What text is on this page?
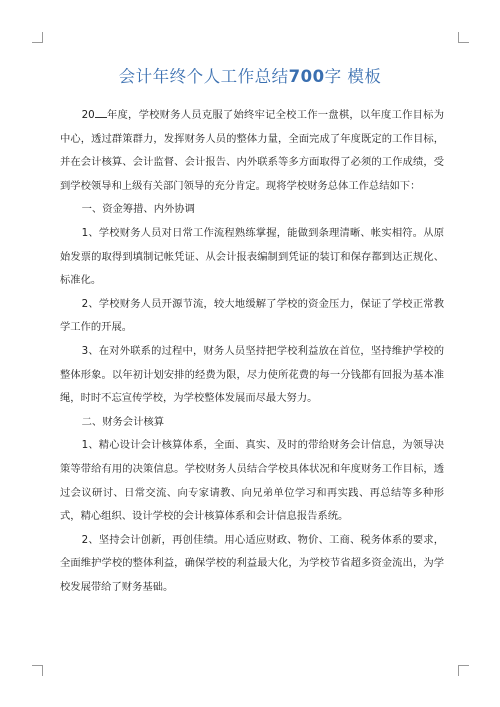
会计年终个人工作总结700字 模板

20 年度，学校财务人员克服了始终牢记全校工作一盘棋，以年度工作目标为中心，透过群策群力，发挥财务人员的整体力量，全面完成了年度既定的工作目标，并在会计核算、会计监督、会计报告、内外联系等多方面取得了必须的工作成绩，受到学校领导和上级有关部门领导的充分肯定。现将学校财务总体工作总结如下：

一、资金筹措、内外协调

1、学校财务人员对日常工作流程熟练掌握，能做到条理清晰、帐实相符。从原始发票的取得到填制记帐凭证、从会计报表编制到凭证的装订和保存都到达正规化、标准化。

2、学校财务人员开源节流，较大地缓解了学校的资金压力，保证了学校正常教学工作的开展。

3、在对外联系的过程中，财务人员坚持把学校利益放在首位，坚持维护学校的整体形象。以年初计划安排的经费为限，尽力使所花费的每一分钱都有回报为基本准绳，时时不忘宣传学校，为学校整体发展而尽最大努力。

二、财务会计核算

1、精心设计会计核算体系，全面、真实、及时的带给财务会计信息，为领导决策等带给有用的决策信息。学校财务人员结合学校具体状况和年度财务工作目标，透过会议研讨、日常交流、向专家请教、向兄弟单位学习和再实践、再总结等多种形式，精心组织、设计学校的会计核算体系和会计信息报告系统。

2、坚持会计创新，再创佳绩。用心适应财政、物价、工商、税务体系的要求，全面维护学校的整体利益，确保学校的利益最大化，为学校节省超多资金流出，为学校发展带给了财务基础。
